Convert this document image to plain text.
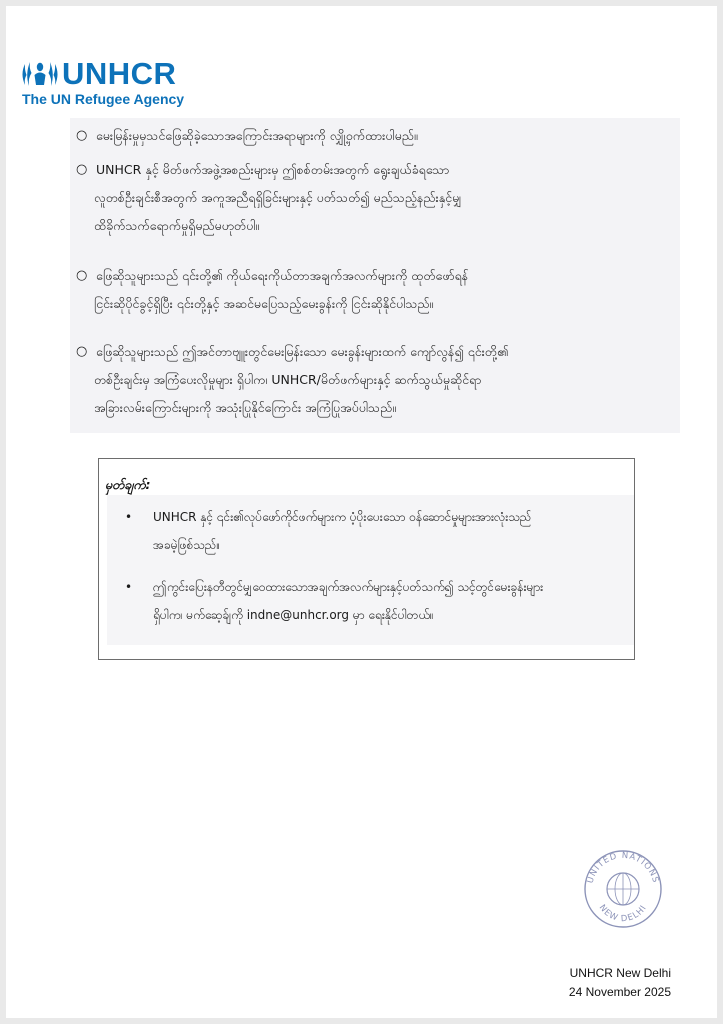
UNHCR
The UN Refugee Agency
○ မေးမြန်းမှုမှသင်ဖြေဆိုခဲ့သောအကြောင်းအရာများကို လျှို့ဝှက်ထားပါမည်။
○ UNHCR နှင့် မိတ်ဖက်အဖွဲ့အစည်းများမှ ဤစစ်တမ်းအတွက် ရွေးချယ်ခံရသော
လူတစ်ဦးချင်းစီအတွက် အကူအညီရရှိခြင်းများနှင့် ပတ်သတ်၍ မည်သည့်နည်းနှင့်မျှ
ထိခိုက်သက်ရောက်မှုရှိမည်မဟုတ်ပါ။
○ ဖြေဆိုသူများသည် ၎င်းတို့၏ ကိုယ်ရေးကိုယ်တာအချက်အလက်များကို ထုတ်ဖော်ရန်
ငြင်းဆိုပိုင်ခွင့်ရှိပြီး ၎င်းတို့နှင့် အဆင်မပြေသည့်မေးခွန်းကို ငြင်းဆိုနိုင်ပါသည်။
○ ဖြေဆိုသူများသည် ဤအင်တာဗျူးတွင်မေးမြန်းသော မေးခွန်းများထက် ကျော်လွန်၍ ၎င်းတို့၏
တစ်ဦးချင်းမှ အကြံပေးလိုမှုများ ရှိပါက၊ UNHCR/မိတ်ဖက်များနှင့် ဆက်သွယ်မှုဆိုင်ရာ
အခြားလမ်းကြောင်းများကို အသုံးပြုနိုင်ကြောင်း အကြံပြုအပ်ပါသည်။
မှတ်ချက်:
•	UNHCR နှင့် ၎င်း၏လုပ်ဖော်ကိုင်ဖက်များက ပံ့ပိုးပေးသော ဝန်ဆောင်မှုများအားလုံးသည်
အခမဲ့ဖြစ်သည်။
•	ဤကွင်းပြေးနတီတွင်မျှဝေထားသောအချက်အလက်များနှင့်ပတ်သက်၍ သင့်တွင်မေးခွန်းများ
ရှိပါက၊ မက်ဆေ့ခ်ျကို indne@unhcr.org မှာ ရေးနိုင်ပါတယ်။
UNITED NATIONS
NEW DELHI
UNHCR New Delhi
24 November 2025
